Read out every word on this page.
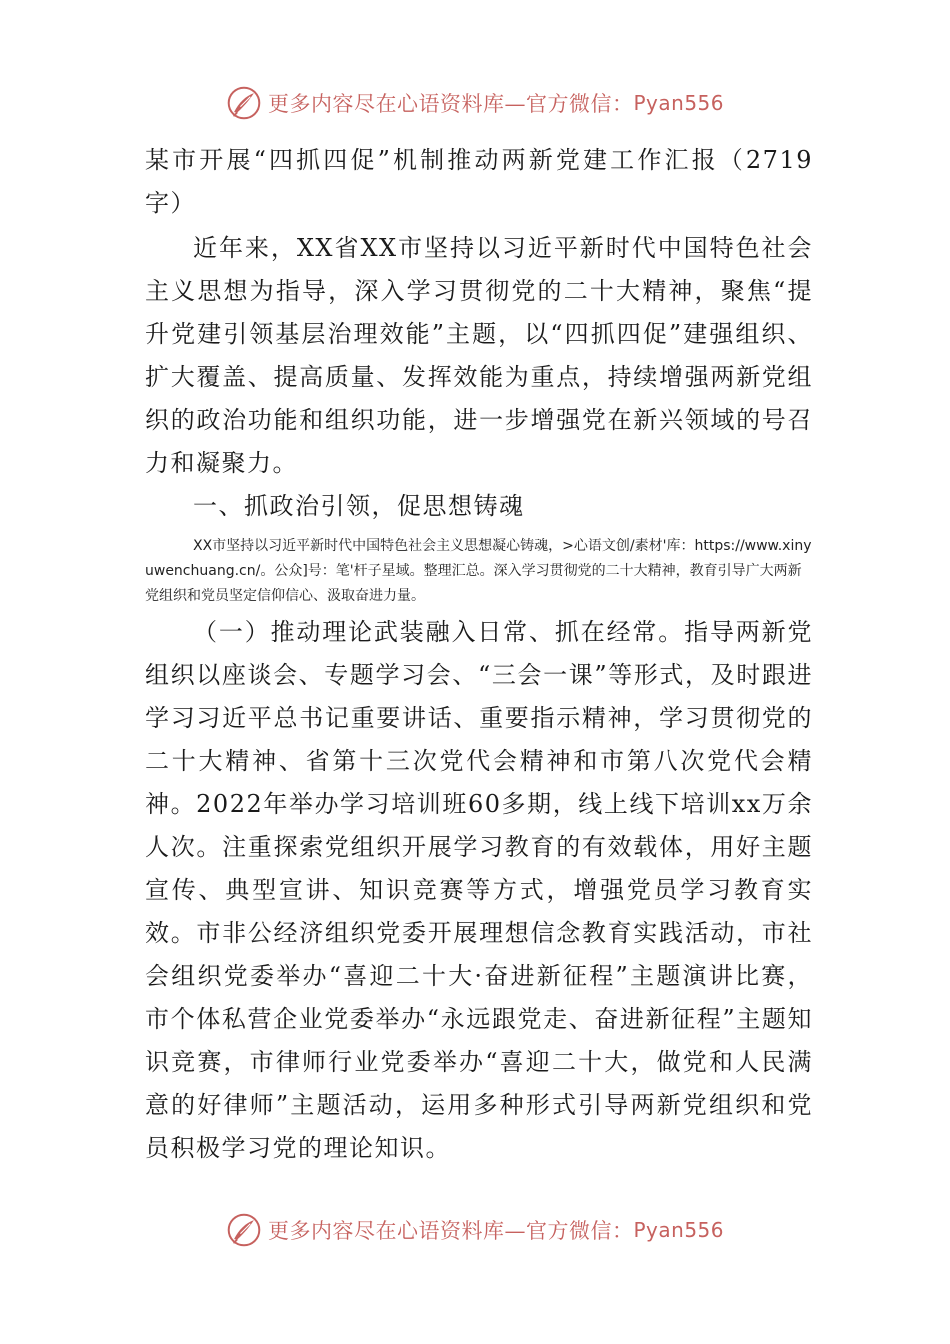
更多内容尽在心语资料库—官方微信： Pyan556

某市开展“四抓四促”机制推动两新党建工作汇报（2719字）

近年来，XX省XX市坚持以习近平新时代中国特色社会主义思想为指导，深入学习贯彻党的二十大精神，聚焦“提升党建引领基层治理效能”主题，以“四抓四促”建强组织、扩大覆盖、提高质量、发挥效能为重点，持续增强两新党组织的政治功能和组织功能，进一步增强党在新兴领域的号召力和凝聚力。

一、抓政治引领，促思想铸魂

XX市坚持以习近平新时代中国特色社会主义思想凝心铸魂，>心语文创/素材'库：https://www.xinyuwenchuang.cn/。公众]号：笔'杆子星域。整理汇总。深入学习贯彻党的二十大精神，教育引导广大两新党组织和党员坚定信仰信心、汲取奋进力量。

（一）推动理论武装融入日常、抓在经常。指导两新党组织以座谈会、专题学习会、“三会一课”等形式，及时跟进学习习近平总书记重要讲话、重要指示精神，学习贯彻党的二十大精神、省第十三次党代会精神和市第八次党代会精神。2022年举办学习培训班60多期，线上线下培训xx万余人次。注重探索党组织开展学习教育的有效载体，用好主题宣传、典型宣讲、知识竞赛等方式，增强党员学习教育实效。市非公经济组织党委开展理想信念教育实践活动，市社会组织党委举办“喜迎二十大·奋进新征程”主题演讲比赛，市个体私营企业党委举办“永远跟党走、奋进新征程”主题知识竞赛，市律师行业党委举办“喜迎二十大，做党和人民满意的好律师”主题活动，运用多种形式引导两新党组织和党员积极学习党的理论知识。

更多内容尽在心语资料库—官方微信： Pyan556
